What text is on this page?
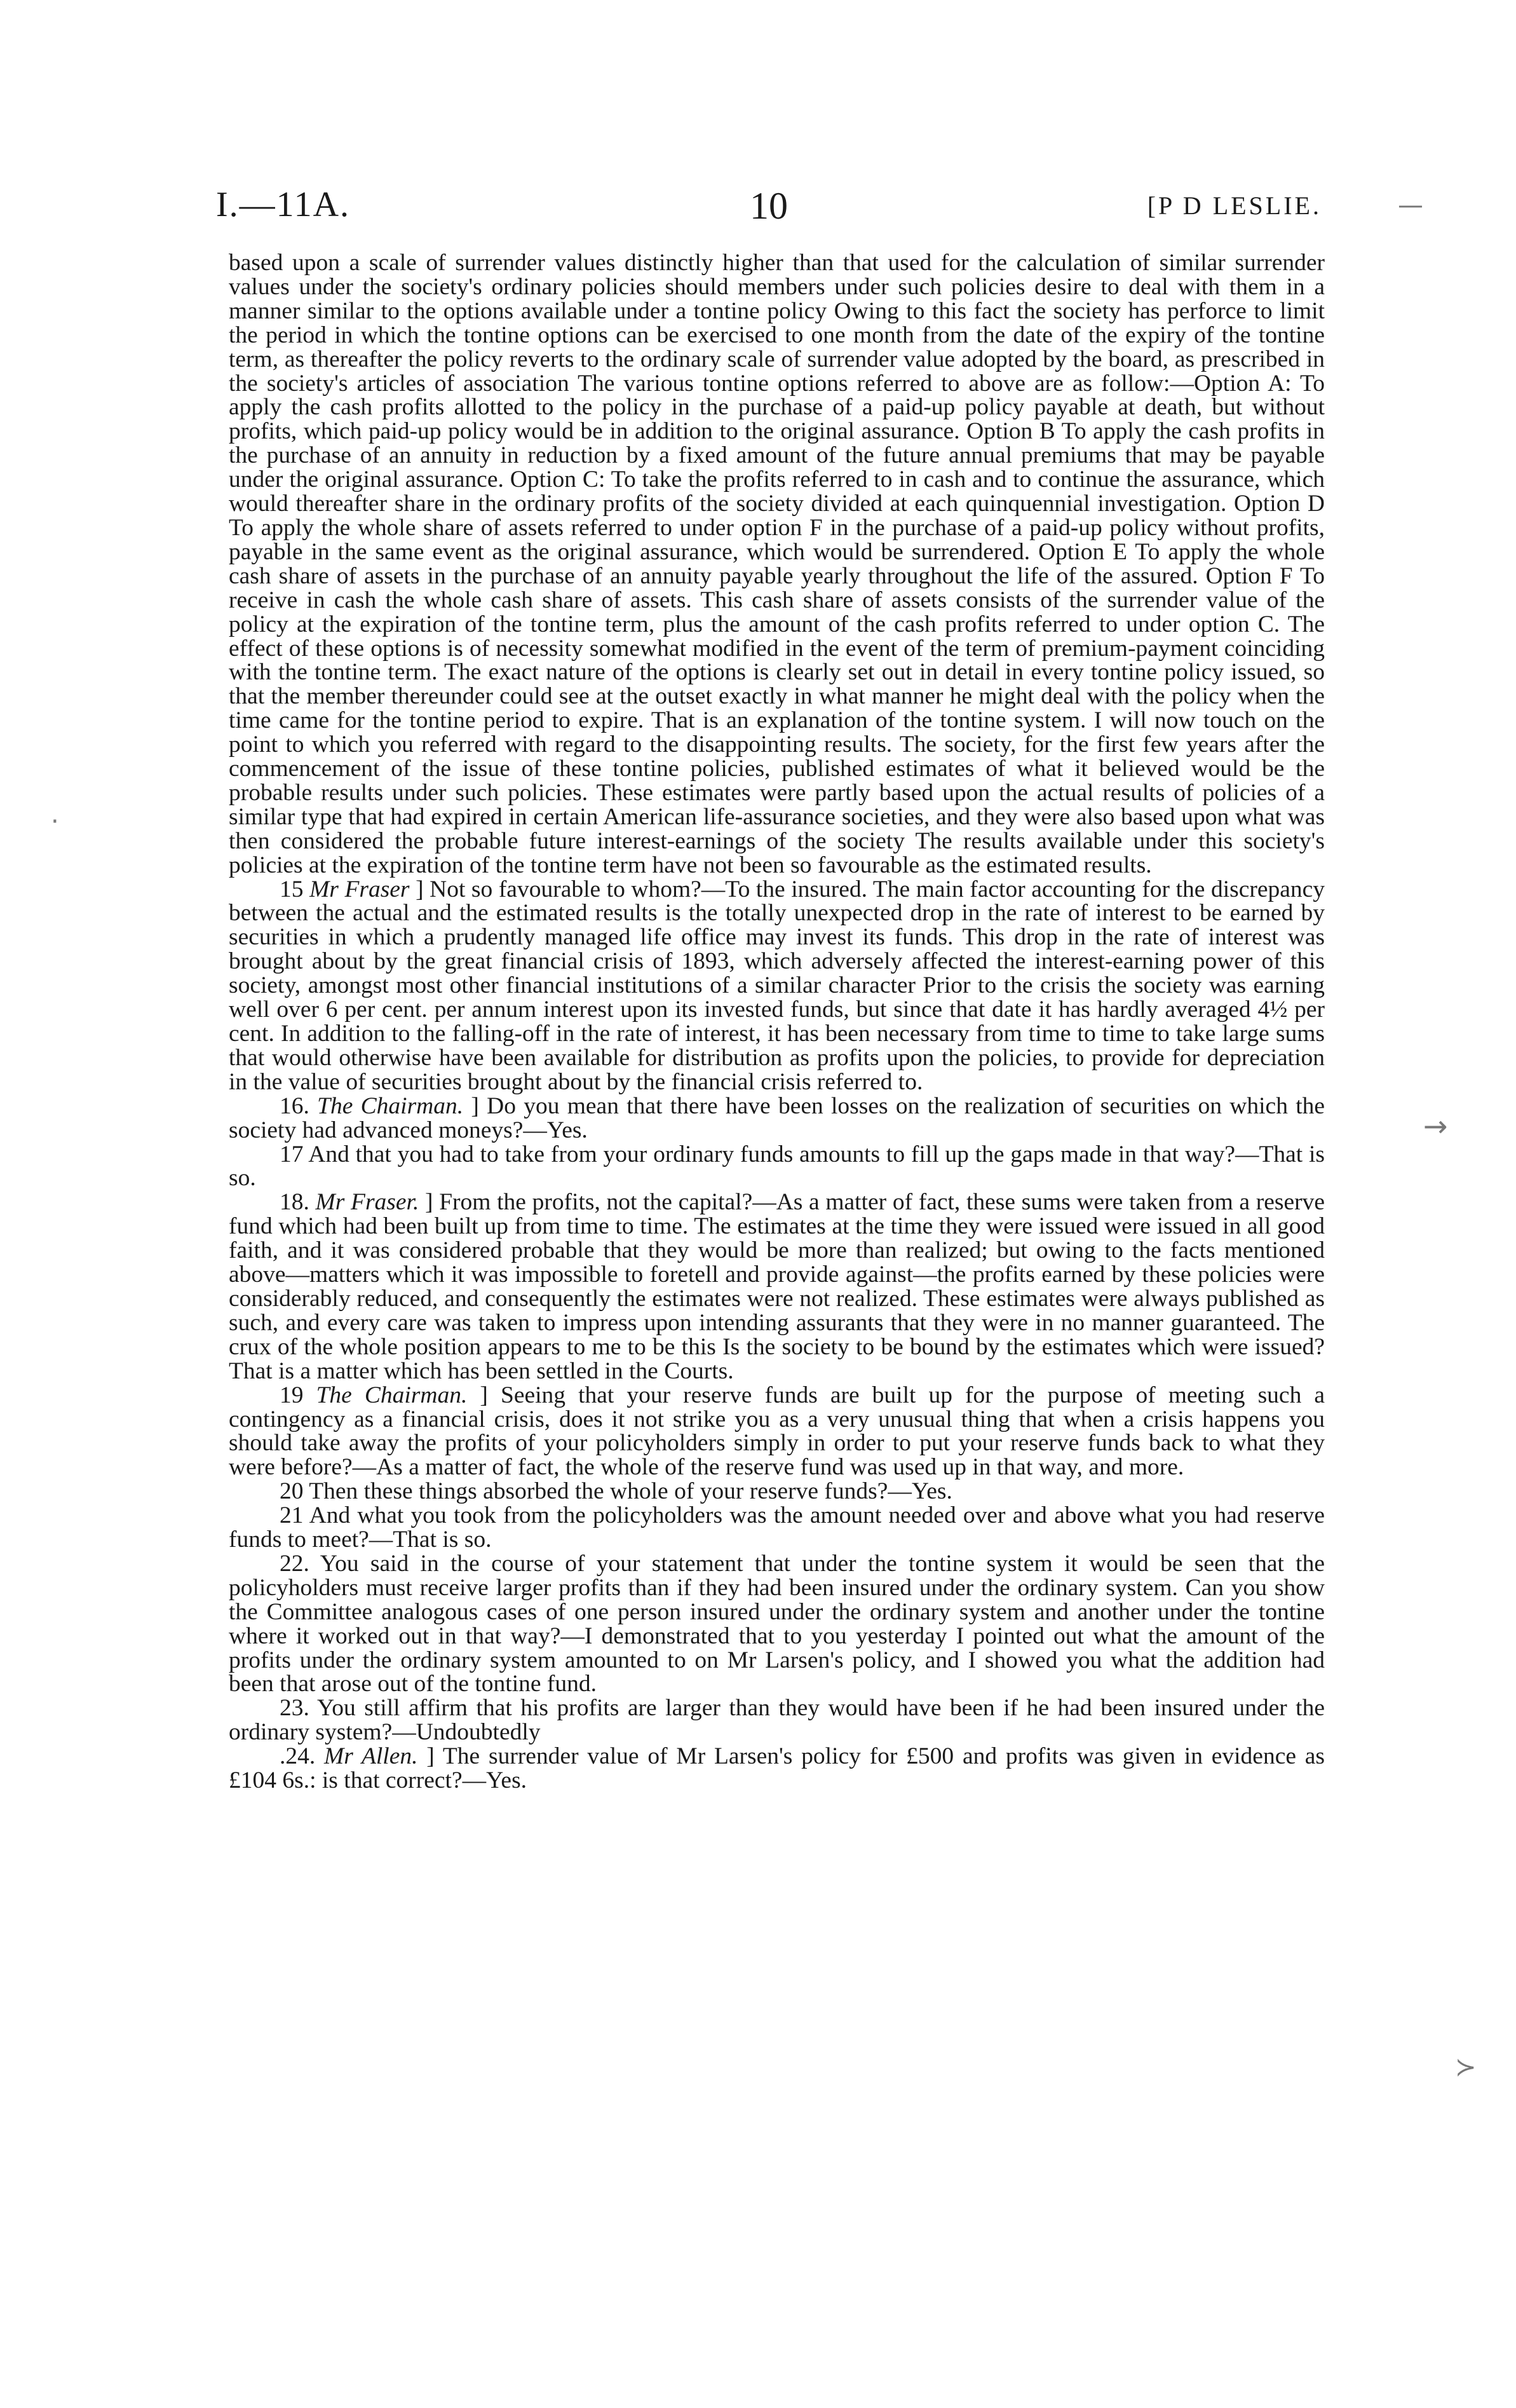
I.—11A.	10	[P D LESLIE.

based upon a scale of surrender values distinctly higher than that used for the calculation of similar surrender values under the society's ordinary policies should members under such policies desire to deal with them in a manner similar to the options available under a tontine policy Owing to this fact the society has perforce to limit the period in which the tontine options can be exercised to one month from the date of the expiry of the tontine term, as thereafter the policy reverts to the ordinary scale of surrender value adopted by the board, as prescribed in the society's articles of association The various tontine options referred to above are as follow:—Option A: To apply the cash profits allotted to the policy in the purchase of a paid-up policy payable at death, but without profits, which paid-up policy would be in addition to the original assurance. Option B To apply the cash profits in the purchase of an annuity in reduction by a fixed amount of the future annual premiums that may be payable under the original assurance. Option C: To take the profits referred to in cash and to continue the assurance, which would thereafter share in the ordinary profits of the society divided at each quinquennial investigation. Option D To apply the whole share of assets referred to under option F in the purchase of a paid-up policy without profits, payable in the same event as the original assurance, which would be surrendered. Option E To apply the whole cash share of assets in the purchase of an annuity payable yearly throughout the life of the assured. Option F To receive in cash the whole cash share of assets. This cash share of assets consists of the surrender value of the policy at the expiration of the tontine term, plus the amount of the cash profits referred to under option C. The effect of these options is of necessity somewhat modified in the event of the term of premium-payment coinciding with the tontine term. The exact nature of the options is clearly set out in detail in every tontine policy issued, so that the member thereunder could see at the outset exactly in what manner he might deal with the policy when the time came for the tontine period to expire. That is an explanation of the tontine system. I will now touch on the point to which you referred with regard to the disappointing results. The society, for the first few years after the commencement of the issue of these tontine policies, published estimates of what it believed would be the probable results under such policies. These estimates were partly based upon the actual results of policies of a similar type that had expired in certain American life-assurance societies, and they were also based upon what was then considered the probable future interest-earnings of the society The results available under this society's policies at the expiration of the tontine term have not been so favourable as the estimated results.

15 Mr Fraser ] Not so favourable to whom?—To the insured. The main factor accounting for the discrepancy between the actual and the estimated results is the totally unexpected drop in the rate of interest to be earned by securities in which a prudently managed life office may invest its funds. This drop in the rate of interest was brought about by the great financial crisis of 1893, which adversely affected the interest-earning power of this society, amongst most other financial institutions of a similar character Prior to the crisis the society was earning well over 6 per cent. per annum interest upon its invested funds, but since that date it has hardly averaged 4½ per cent. In addition to the falling-off in the rate of interest, it has been necessary from time to time to take large sums that would otherwise have been available for distribution as profits upon the policies, to provide for depreciation in the value of securities brought about by the financial crisis referred to.

16. The Chairman. ] Do you mean that there have been losses on the realization of securities on which the society had advanced moneys?—Yes.

17 And that you had to take from your ordinary funds amounts to fill up the gaps made in that way?—That is so.

18. Mr Fraser. ] From the profits, not the capital?—As a matter of fact, these sums were taken from a reserve fund which had been built up from time to time. The estimates at the time they were issued were issued in all good faith, and it was considered probable that they would be more than realized; but owing to the facts mentioned above—matters which it was impossible to foretell and provide against—the profits earned by these policies were considerably reduced, and consequently the estimates were not realized. These estimates were always published as such, and every care was taken to impress upon intending assurants that they were in no manner guaranteed. The crux of the whole position appears to me to be this Is the society to be bound by the estimates which were issued? That is a matter which has been settled in the Courts.

19 The Chairman. ] Seeing that your reserve funds are built up for the purpose of meeting such a contingency as a financial crisis, does it not strike you as a very unusual thing that when a crisis happens you should take away the profits of your policyholders simply in order to put your reserve funds back to what they were before?—As a matter of fact, the whole of the reserve fund was used up in that way, and more.

20 Then these things absorbed the whole of your reserve funds?—Yes.

21 And what you took from the policyholders was the amount needed over and above what you had reserve funds to meet?—That is so.

22. You said in the course of your statement that under the tontine system it would be seen that the policyholders must receive larger profits than if they had been insured under the ordinary system. Can you show the Committee analogous cases of one person insured under the ordinary system and another under the tontine where it worked out in that way?—I demonstrated that to you yesterday I pointed out what the amount of the profits under the ordinary system amounted to on Mr Larsen's policy, and I showed you what the addition had been that arose out of the tontine fund.

23. You still affirm that his profits are larger than they would have been if he had been insured under the ordinary system?—Undoubtedly

.24. Mr Allen. ] The surrender value of Mr Larsen's policy for £500 and profits was given in evidence as £104 6s.: is that correct?—Yes.

—
→
≻
·
